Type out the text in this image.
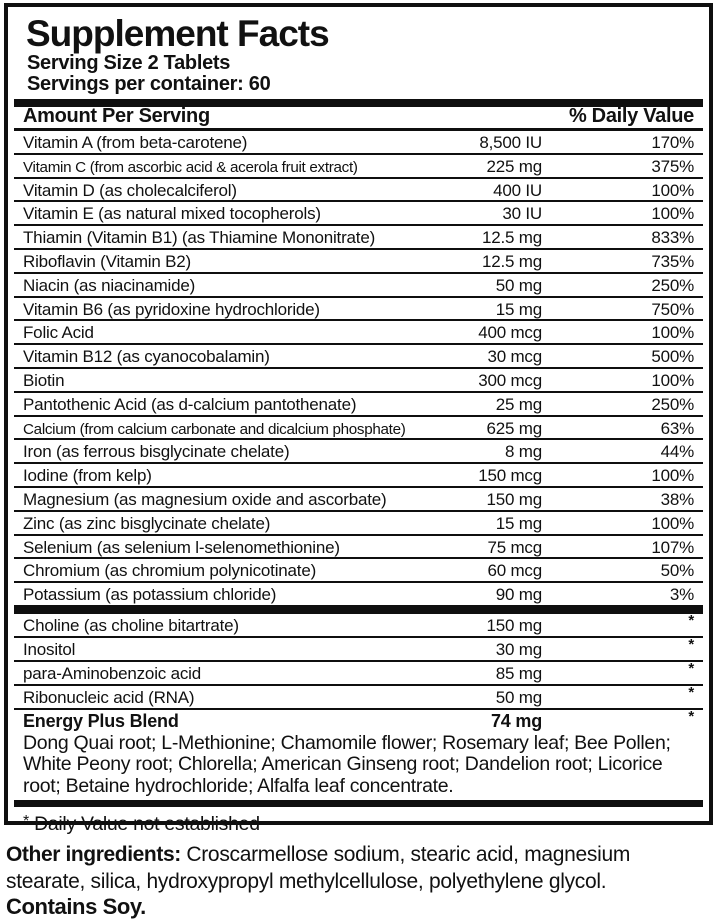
Supplement Facts
Serving Size 2 Tablets
Servings per container: 60
Amount Per Serving	% Daily Value
Vitamin A (from beta-carotene)	8,500 IU	170%
Vitamin C (from ascorbic acid & acerola fruit extract)	225 mg	375%
Vitamin D (as cholecalciferol)	400 IU	100%
Vitamin E (as natural mixed tocopherols)	30 IU	100%
Thiamin (Vitamin B1) (as Thiamine Mononitrate)	12.5 mg	833%
Riboflavin (Vitamin B2)	12.5 mg	735%
Niacin (as niacinamide)	50 mg	250%
Vitamin B6 (as pyridoxine hydrochloride)	15 mg	750%
Folic Acid	400 mcg	100%
Vitamin B12 (as cyanocobalamin)	30 mcg	500%
Biotin	300 mcg	100%
Pantothenic Acid (as d-calcium pantothenate)	25 mg	250%
Calcium (from calcium carbonate and dicalcium phosphate)	625 mg	63%
Iron (as ferrous bisglycinate chelate)	8 mg	44%
Iodine (from kelp)	150 mcg	100%
Magnesium (as magnesium oxide and ascorbate)	150 mg	38%
Zinc (as zinc bisglycinate chelate)	15 mg	100%
Selenium (as selenium l-selenomethionine)	75 mcg	107%
Chromium (as chromium polynicotinate)	60 mcg	50%
Potassium (as potassium chloride)	90 mg	3%
Choline (as choline bitartrate)	150 mg	*
Inositol	30 mg	*
para-Aminobenzoic acid	85 mg	*
Ribonucleic acid (RNA)	50 mg	*
Energy Plus Blend	74 mg	*
Dong Quai root; L-Methionine; Chamomile flower; Rosemary leaf; Bee Pollen; White Peony root; Chlorella; American Ginseng root; Dandelion root; Licorice root; Betaine hydrochloride; Alfalfa leaf concentrate.
* Daily Value not established

Other ingredients: Croscarmellose sodium, stearic acid, magnesium stearate, silica, hydroxypropyl methylcellulose, polyethylene glycol.

Contains Soy.
